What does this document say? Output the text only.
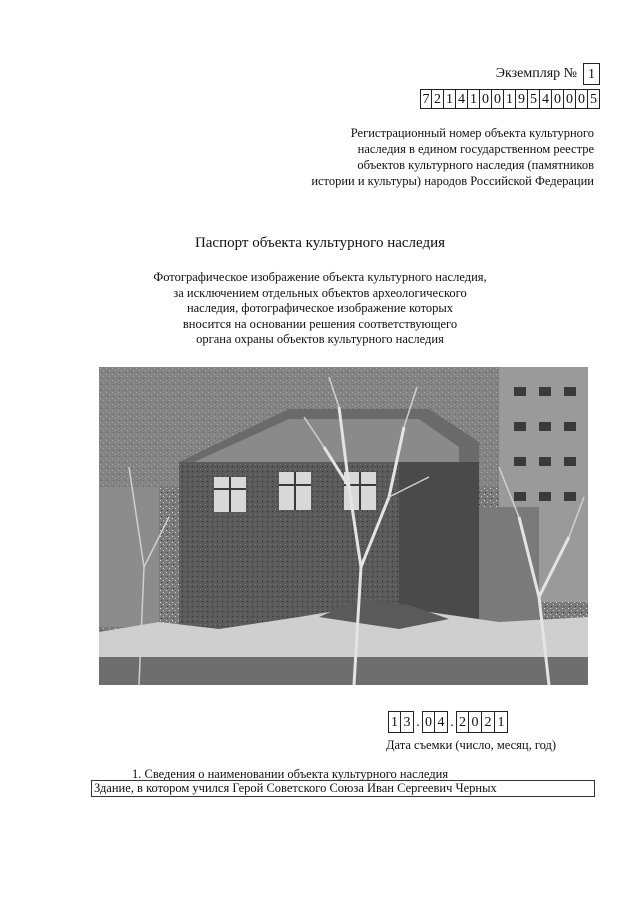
Экземпляр № 1
7 2 1 4 1 0 0 1 9 5 4 0 0 0 5
Регистрационный номер объекта культурного
наследия в едином государственном реестре
объектов культурного наследия (памятников
истории и культуры) народов Российской Федерации
Паспорт объекта культурного наследия
Фотографическое изображение объекта культурного наследия,
за исключением отдельных объектов археологического
наследия, фотографическое изображение которых
вносится на основании решения соответствующего
органа охраны объектов культурного наследия
1 3 . 0 4 . 2 0 2 1
Дата съемки (число, месяц, год)
1. Сведения о наименовании объекта культурного наследия
Здание, в котором учился Герой Советского Союза Иван Сергеевич Черных
